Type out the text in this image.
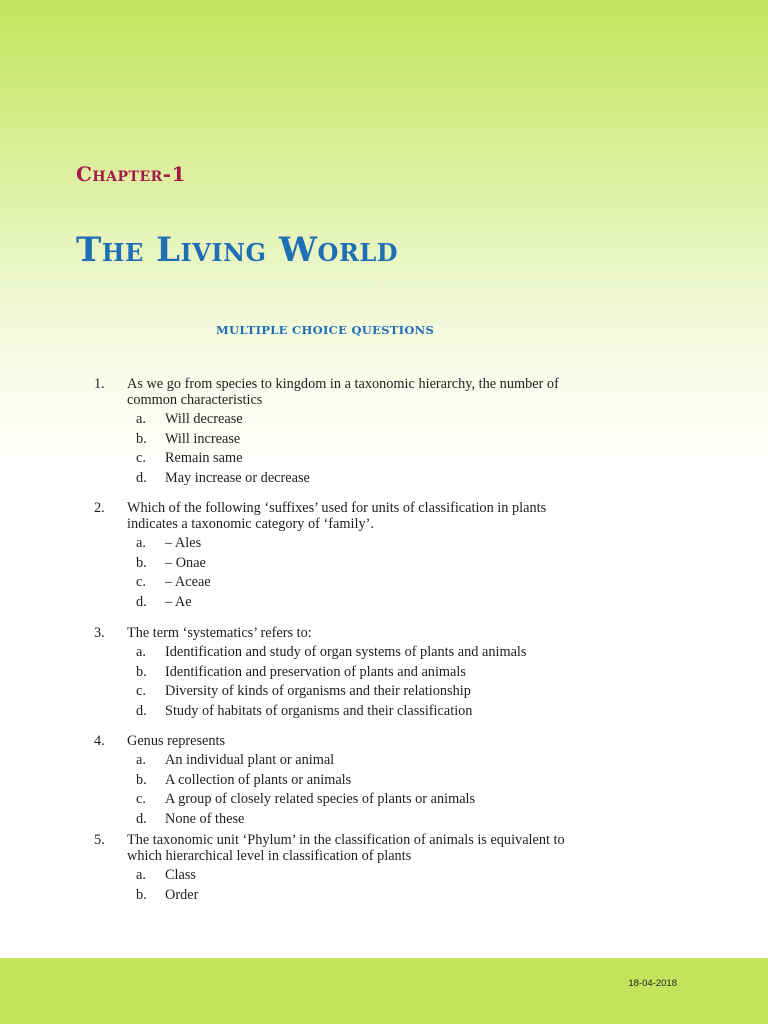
Chapter-1
The Living World
MULTIPLE CHOICE QUESTIONS
1.	As we go from species to kingdom in a taxonomic hierarchy, the number of common characteristics
a.	Will decrease
b.	Will increase
c.	Remain same
d.	May increase or decrease
2.	Which of the following ‘suffixes’ used for units of classification in plants indicates a taxonomic category of ‘family’.
a.	– Ales
b.	– Onae
c.	– Aceae
d.	– Ae
3.	The term ‘systematics’ refers to:
a.	Identification and study of organ systems of plants and animals
b.	Identification and preservation of plants and animals
c.	Diversity of kinds of organisms and their relationship
d.	Study of habitats of organisms and their classification
4.	Genus represents
a.	An individual plant or animal
b.	A collection of plants or animals
c.	A group of closely related species of plants or animals
d.	None of these
5.	The taxonomic unit ‘Phylum’ in the classification of animals is equivalent to which hierarchical level in classification of plants
a.	Class
b.	Order
18-04-2018
